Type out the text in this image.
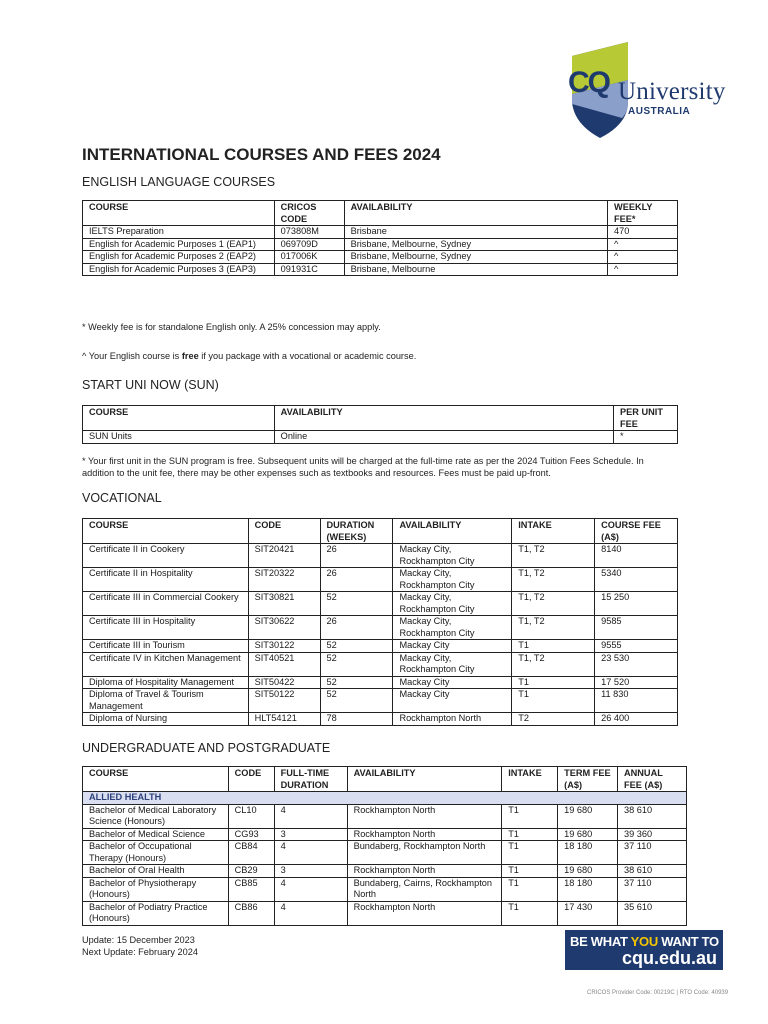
CQ University
AUSTRALIA
INTERNATIONAL COURSES AND FEES 2024
ENGLISH LANGUAGE COURSES
COURSE	CRICOS CODE	AVAILABILITY	WEEKLY FEE*
IELTS Preparation	073808M	Brisbane	470
English for Academic Purposes 1 (EAP1)	069709D	Brisbane, Melbourne, Sydney	^
English for Academic Purposes 2 (EAP2)	017006K	Brisbane, Melbourne, Sydney	^
English for Academic Purposes 3 (EAP3)	091931C	Brisbane, Melbourne	^
* Weekly fee is for standalone English only. A 25% concession may apply.
^ Your English course is free if you package with a vocational or academic course.
START UNI NOW (SUN)
COURSE	AVAILABILITY	PER UNIT FEE
SUN Units	Online	*
* Your first unit in the SUN program is free. Subsequent units will be charged at the full-time rate as per the 2024 Tuition Fees Schedule. In addition to the unit fee, there may be other expenses such as textbooks and resources. Fees must be paid up-front.
VOCATIONAL
COURSE	CODE	DURATION (WEEKS)	AVAILABILITY	INTAKE	COURSE FEE (A$)
Certificate II in Cookery	SIT20421	26	Mackay City, Rockhampton City	T1, T2	8140
Certificate II in Hospitality	SIT20322	26	Mackay City, Rockhampton City	T1, T2	5340
Certificate III in Commercial Cookery	SIT30821	52	Mackay City, Rockhampton City	T1, T2	15 250
Certificate III in Hospitality	SIT30622	26	Mackay City, Rockhampton City	T1, T2	9585
Certificate III in Tourism	SIT30122	52	Mackay City	T1	9555
Certificate IV in Kitchen Management	SIT40521	52	Mackay City, Rockhampton City	T1, T2	23 530
Diploma of Hospitality Management	SIT50422	52	Mackay City	T1	17 520
Diploma of Travel & Tourism Management	SIT50122	52	Mackay City	T1	11 830
Diploma of Nursing	HLT54121	78	Rockhampton North	T2	26 400
UNDERGRADUATE AND POSTGRADUATE
COURSE	CODE	FULL-TIME DURATION	AVAILABILITY	INTAKE	TERM FEE (A$)	ANNUAL FEE (A$)
ALLIED HEALTH						
Bachelor of Medical Laboratory Science (Honours)	CL10	4	Rockhampton North	T1	19 680	38 610
Bachelor of Medical Science	CG93	3	Rockhampton North	T1	19 680	39 360
Bachelor of Occupational Therapy (Honours)	CB84	4	Bundaberg, Rockhampton North	T1	18 180	37 110
Bachelor of Oral Health	CB29	3	Rockhampton North	T1	19 680	38 610
Bachelor of Physiotherapy (Honours)	CB85	4	Bundaberg, Cairns, Rockhampton North	T1	18 180	37 110
Bachelor of Podiatry Practice (Honours)	CB86	4	Rockhampton North	T1	17 430	35 610
Update: 15 December 2023
Next Update: February 2024
BE WHAT YOU WANT TO BE
cqu.edu.au
CRICOS Provider Code: 00219C | RTO Code: 40939
